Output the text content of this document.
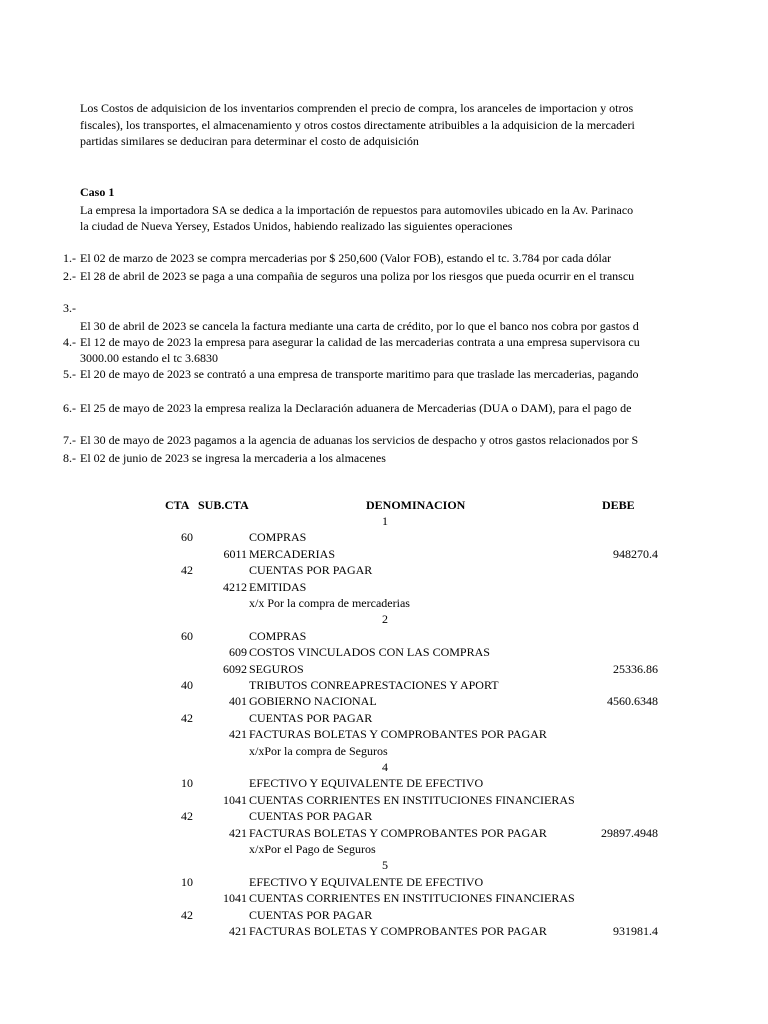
Los Costos de adquisicion de los inventarios comprenden el precio de compra, los aranceles de importacion y otros
fiscales), los transportes, el almacenamiento y otros costos directamente atribuibles a la adquisicion de la mercaderi
partidas similares se deduciran para determinar el costo de adquisición
Caso 1
La empresa la importadora SA se dedica a la importación de repuestos para automoviles ubicado en la Av. Parinaco
la ciudad de Nueva Yersey, Estados Unidos, habiendo realizado las siguientes operaciones
1.- El 02 de marzo de 2023 se compra mercaderias por $ 250,600 (Valor FOB), estando el tc. 3.784 por cada dólar
2.- El 28 de abril de 2023 se paga a una compañia de seguros una poliza por los riesgos que pueda ocurrir en el transcu
3.-
El 30 de abril de 2023 se cancela la factura mediante una carta de crédito, por lo que el banco nos cobra por gastos d
4.- El 12 de mayo de 2023 la empresa para asegurar la calidad de las mercaderias contrata a una empresa supervisora cu
3000.00 estando el tc 3.6830
5.- El 20 de mayo de 2023 se contrató a una empresa de transporte maritimo para que traslade las mercaderias, pagando
6.- El 25 de mayo de 2023 la empresa realiza la Declaración aduanera de Mercaderias (DUA o DAM), para el pago de
7.- El 30 de mayo de 2023 pagamos a la agencia de aduanas los servicios de despacho y otros gastos relacionados por S
8.- El 02 de junio de 2023 se ingresa la mercaderia a los almacenes
CTA SUB.CTA	DENOMINACION	DEBE
1
60	COMPRAS
6011 MERCADERIAS	948270.4
42	CUENTAS POR PAGAR
4212 EMITIDAS
x/x Por la compra de mercaderias
2
60	COMPRAS
609 COSTOS VINCULADOS CON LAS COMPRAS
6092 SEGUROS	25336.86
40	TRIBUTOS CONREAPRESTACIONES Y APORT
401 GOBIERNO NACIONAL	4560.6348
42	CUENTAS POR PAGAR
421 FACTURAS BOLETAS Y COMPROBANTES POR PAGAR
x/xPor la compra de Seguros
4
10	EFECTIVO Y EQUIVALENTE DE EFECTIVO
1041 CUENTAS CORRIENTES EN INSTITUCIONES FINANCIERAS
42	CUENTAS POR PAGAR
421 FACTURAS BOLETAS Y COMPROBANTES POR PAGAR	29897.4948
x/xPor el Pago de Seguros
5
10	EFECTIVO Y EQUIVALENTE DE EFECTIVO
1041 CUENTAS CORRIENTES EN INSTITUCIONES FINANCIERAS
42	CUENTAS POR PAGAR
421 FACTURAS BOLETAS Y COMPROBANTES POR PAGAR	931981.4
